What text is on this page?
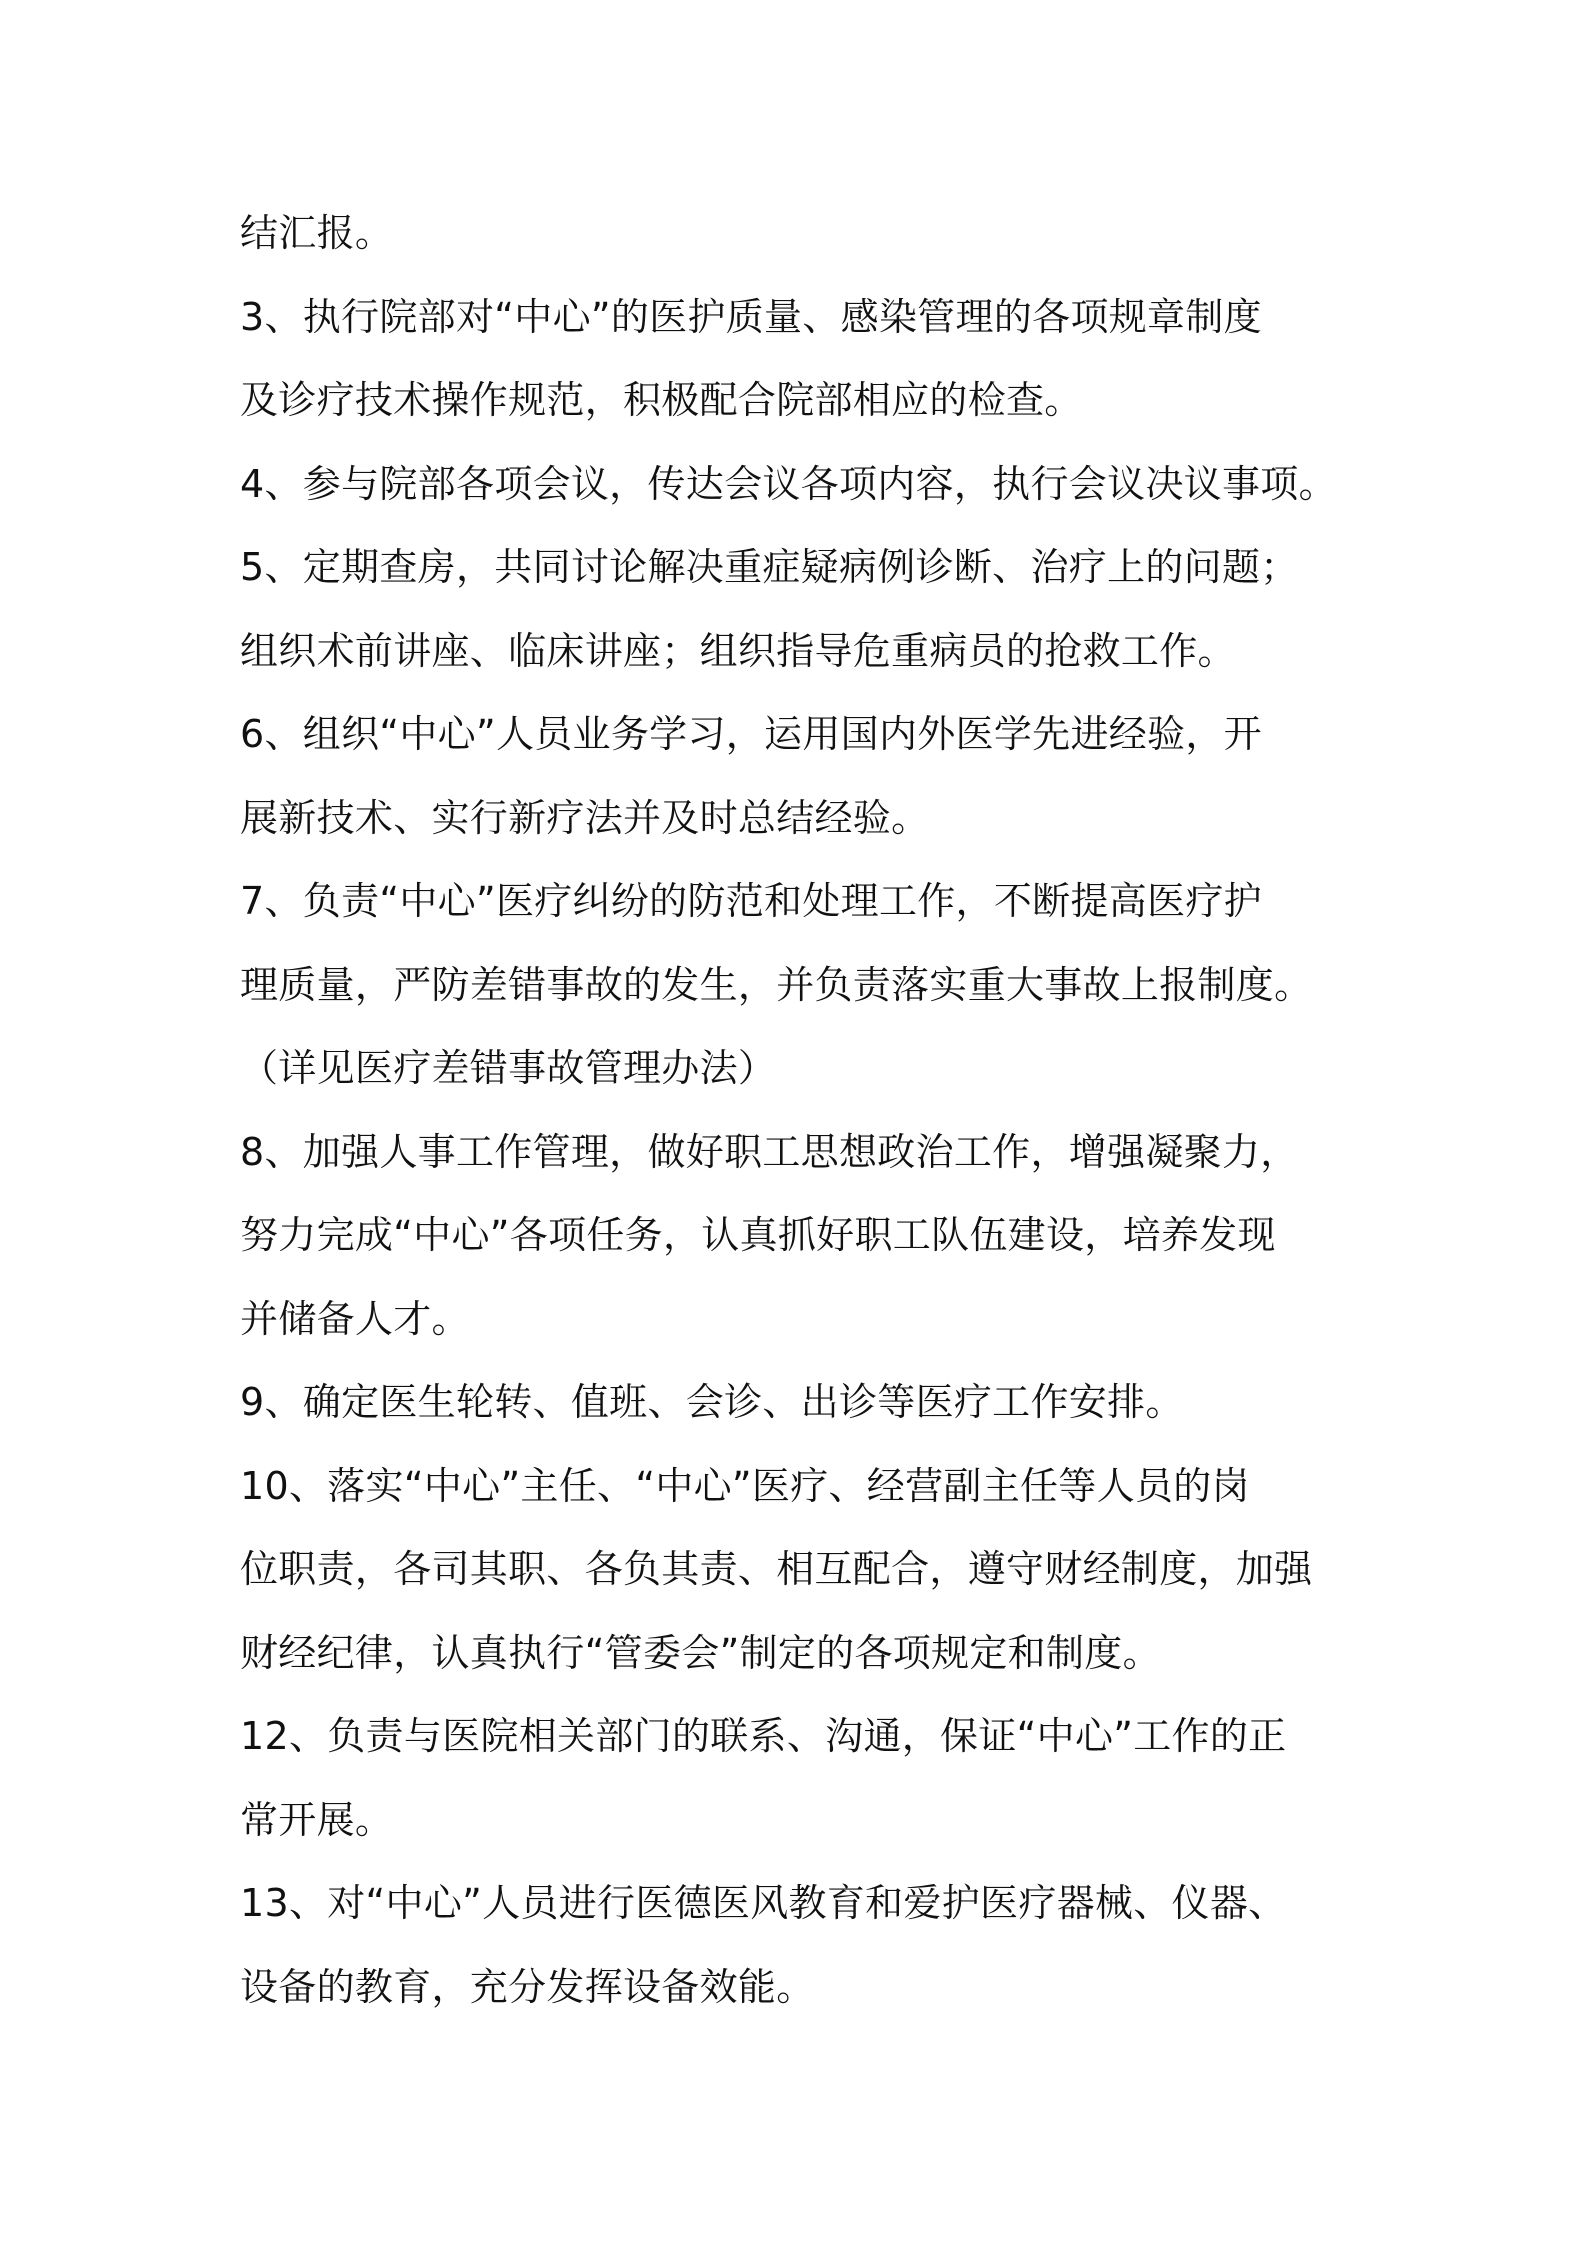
结汇报。
3、执行院部对“中心”的医护质量、感染管理的各项规章制度
及诊疗技术操作规范，积极配合院部相应的检查。
4、参与院部各项会议，传达会议各项内容，执行会议决议事项。
5、定期查房，共同讨论解决重症疑病例诊断、治疗上的问题；
组织术前讲座、临床讲座；组织指导危重病员的抢救工作。
6、组织“中心”人员业务学习，运用国内外医学先进经验，开
展新技术、实行新疗法并及时总结经验。
7、负责“中心”医疗纠纷的防范和处理工作，不断提高医疗护
理质量，严防差错事故的发生，并负责落实重大事故上报制度。
（详见医疗差错事故管理办法）
8、加强人事工作管理，做好职工思想政治工作，增强凝聚力，
努力完成“中心”各项任务，认真抓好职工队伍建设，培养发现
并储备人才。
9、确定医生轮转、值班、会诊、出诊等医疗工作安排。
10、落实“中心”主任、“中心”医疗、经营副主任等人员的岗
位职责，各司其职、各负其责、相互配合，遵守财经制度，加强
财经纪律，认真执行“管委会”制定的各项规定和制度。
12、负责与医院相关部门的联系、沟通，保证“中心”工作的正
常开展。
13、对“中心”人员进行医德医风教育和爱护医疗器械、仪器、
设备的教育，充分发挥设备效能。
